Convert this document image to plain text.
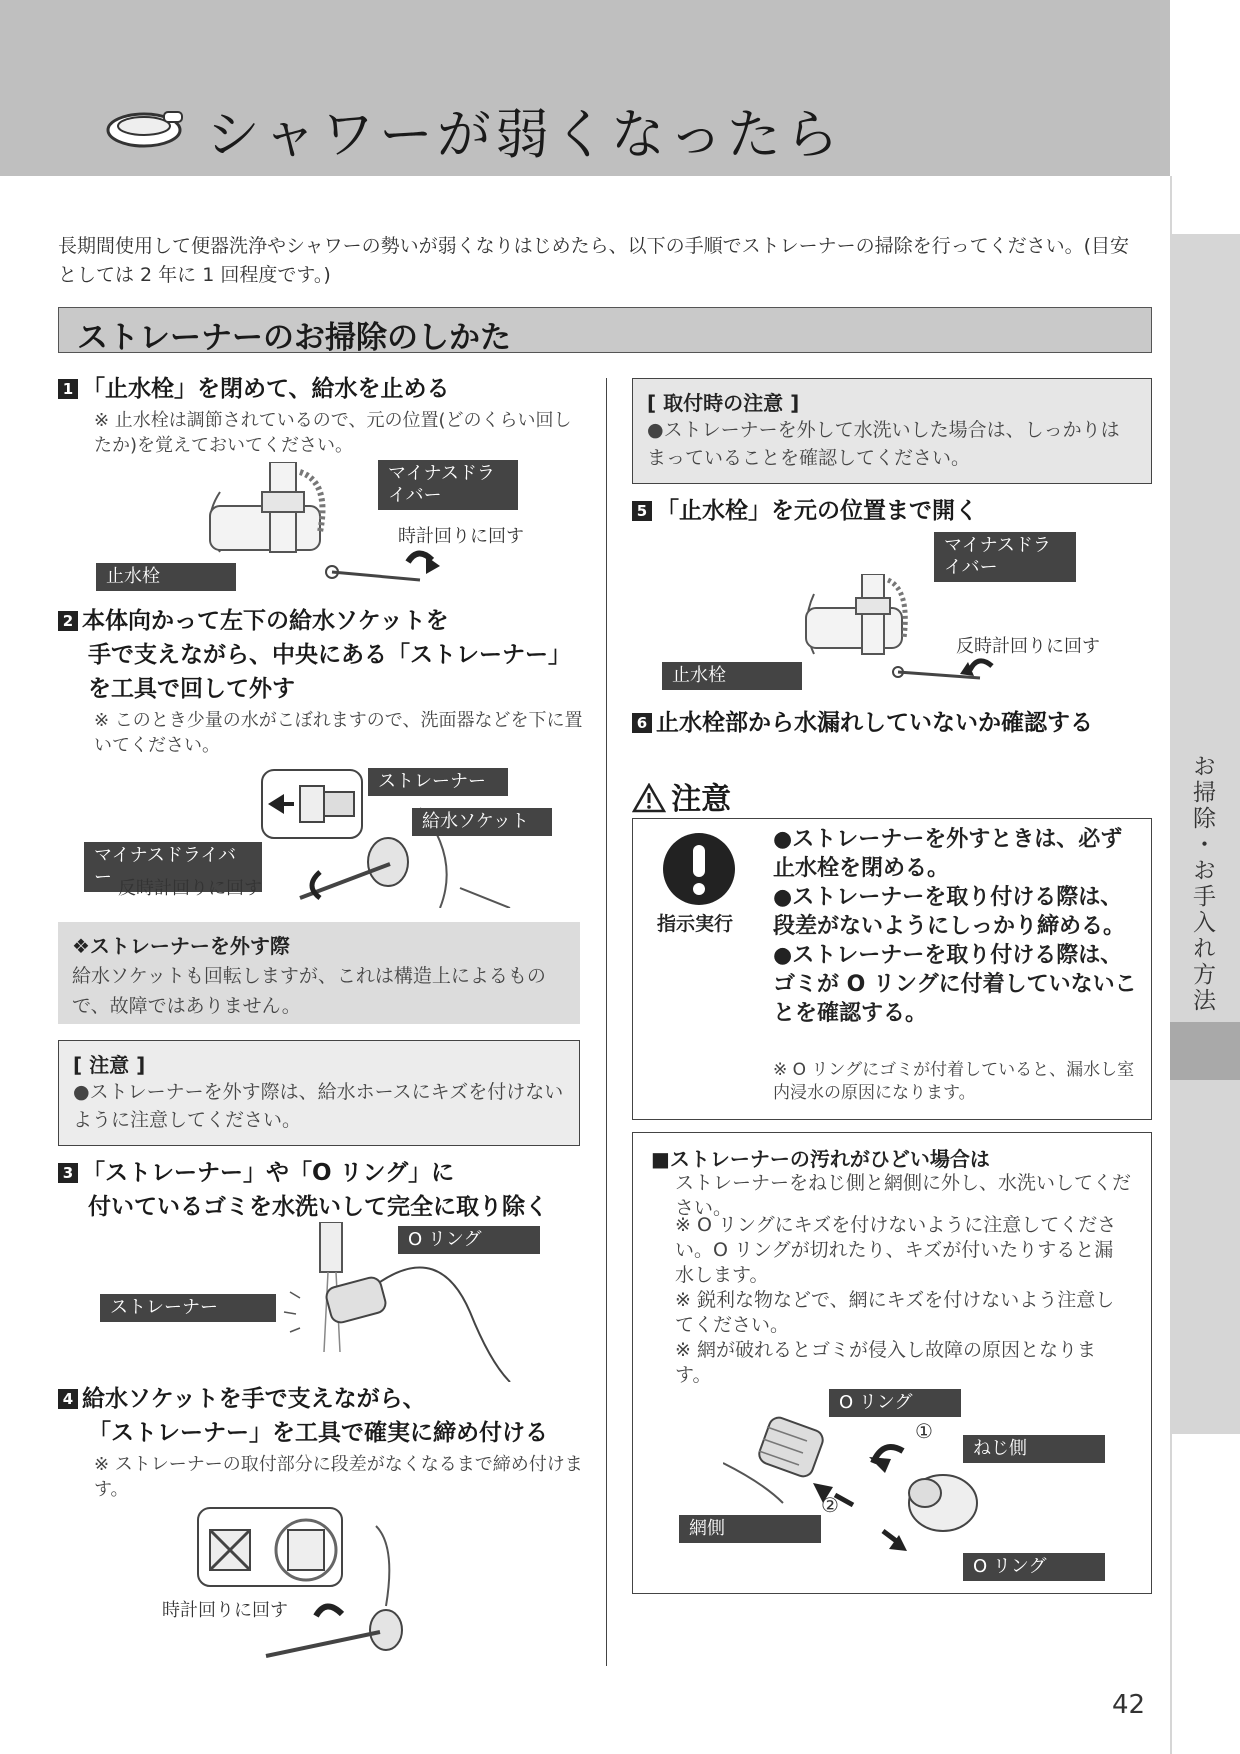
シャワーが弱くなったら
お掃除・お手入れ方法
長期間使用して便器洗浄やシャワーの勢いが弱くなりはじめたら、以下の手順でストレーナーの掃除を行ってください。(目安としては 2 年に 1 回程度です。)
ストレーナーのお掃除のしかた
1 「止水栓」を閉めて、給水を止める
※ 止水栓は調節されているので、元の位置(どのくらい回したか)を覚えておいてください。
マイナスドライバー
時計回りに回す
止水栓
2 本体向かって左下の給水ソケットを
手で支えながら、中央にある「ストレーナー」
を工具で回して外す
※ このとき少量の水がこぼれますので、洗面器などを下に置いてください。
ストレーナー
給水ソケット
マイナスドライバー
反時計回りに回す
❖ストレーナーを外す際
給水ソケットも回転しますが、これは構造上によるもので、故障ではありません。
[ 注意 ]
●ストレーナーを外す際は、給水ホースにキズを付けないように注意してください。
3 「ストレーナー」や「O リング」に
付いているゴミを水洗いして完全に取り除く
O リング
ストレーナー
4 給水ソケットを手で支えながら、
「ストレーナー」を工具で確実に締め付ける
※ ストレーナーの取付部分に段差がなくなるまで締め付けます。
時計回りに回す
[ 取付時の注意 ]
●ストレーナーを外して水洗いした場合は、しっかりはまっていることを確認してください。
5 「止水栓」を元の位置まで開く
マイナスドライバー
反時計回りに回す
止水栓
6 止水栓部から水漏れしていないか確認する
注意
指示実行
●ストレーナーを外すときは、必ず止水栓を閉める。
●ストレーナーを取り付ける際は、段差がないようにしっかり締める。
●ストレーナーを取り付ける際は、ゴミが O リングに付着していないことを確認する。
※ O リングにゴミが付着していると、漏水し室内浸水の原因になります。
■ストレーナーの汚れがひどい場合は
ストレーナーをねじ側と網側に外し、水洗いしてください。
※ O リングにキズを付けないように注意してください。O リングが切れたり、キズが付いたりすると漏水します。
※ 鋭利な物などで、網にキズを付けないよう注意してください。
※ 網が破れるとゴミが侵入し故障の原因となります。
O リング
①
ねじ側
②
網側
O リング
42
